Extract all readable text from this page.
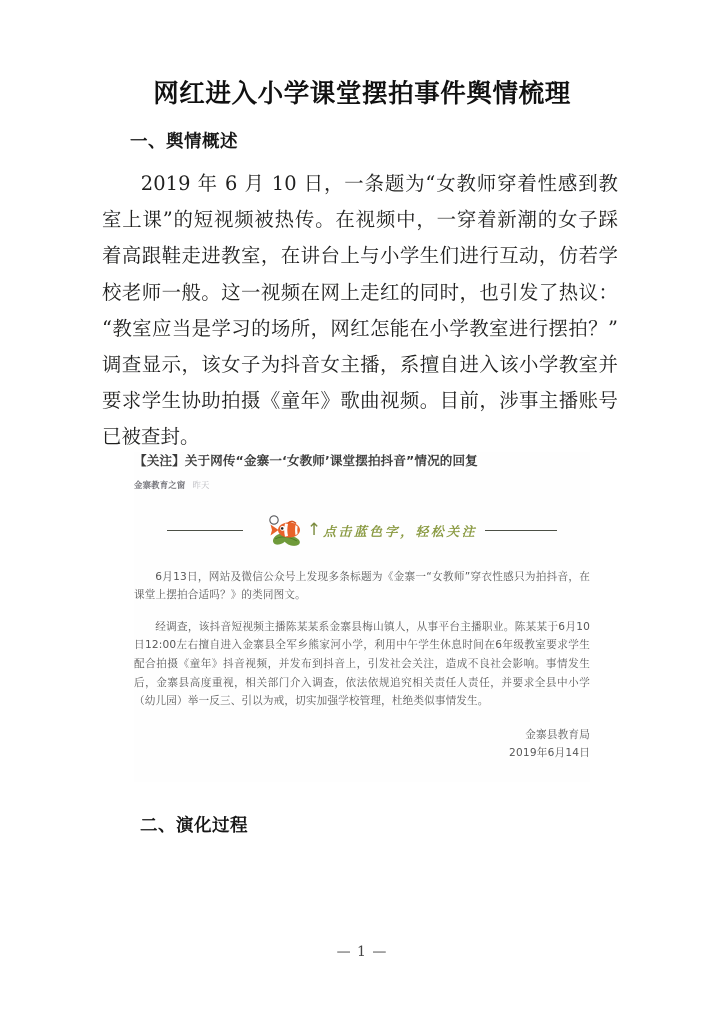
网红进入小学课堂摆拍事件舆情梳理
一、舆情概述
2019 年 6 月 10 日，一条题为“女教师穿着性感到教室上课”的短视频被热传。在视频中，一穿着新潮的女子踩着高跟鞋走进教室，在讲台上与小学生们进行互动，仿若学校老师一般。这一视频在网上走红的同时，也引发了热议：“教室应当是学习的场所，网红怎能在小学教室进行摆拍？”调查显示，该女子为抖音女主播，系擅自进入该小学教室并要求学生协助拍摄《童年》歌曲视频。目前，涉事主播账号已被查封。
【关注】关于网传“金寨一‘女教师’课堂摆拍抖音”情况的回复
金寨教育之窗 昨天
↑ 点击蓝色字，轻松关注
6月13日，网站及微信公众号上发现多条标题为《金寨一“女教师”穿衣性感只为拍抖音，在课堂上摆拍合适吗？》的类同图文。
经调查，该抖音短视频主播陈某某系金寨县梅山镇人，从事平台主播职业。陈某某于6月10日12:00左右擅自进入金寨县全军乡熊家河小学，利用中午学生休息时间在6年级教室要求学生配合拍摄《童年》抖音视频，并发布到抖音上，引发社会关注，造成不良社会影响。事情发生后，金寨县高度重视，相关部门介入调查，依法依规追究相关责任人责任，并要求全县中小学（幼儿园）举一反三、引以为戒，切实加强学校管理，杜绝类似事情发生。
金寨县教育局
2019年6月14日
二、演化过程
— 1 —
